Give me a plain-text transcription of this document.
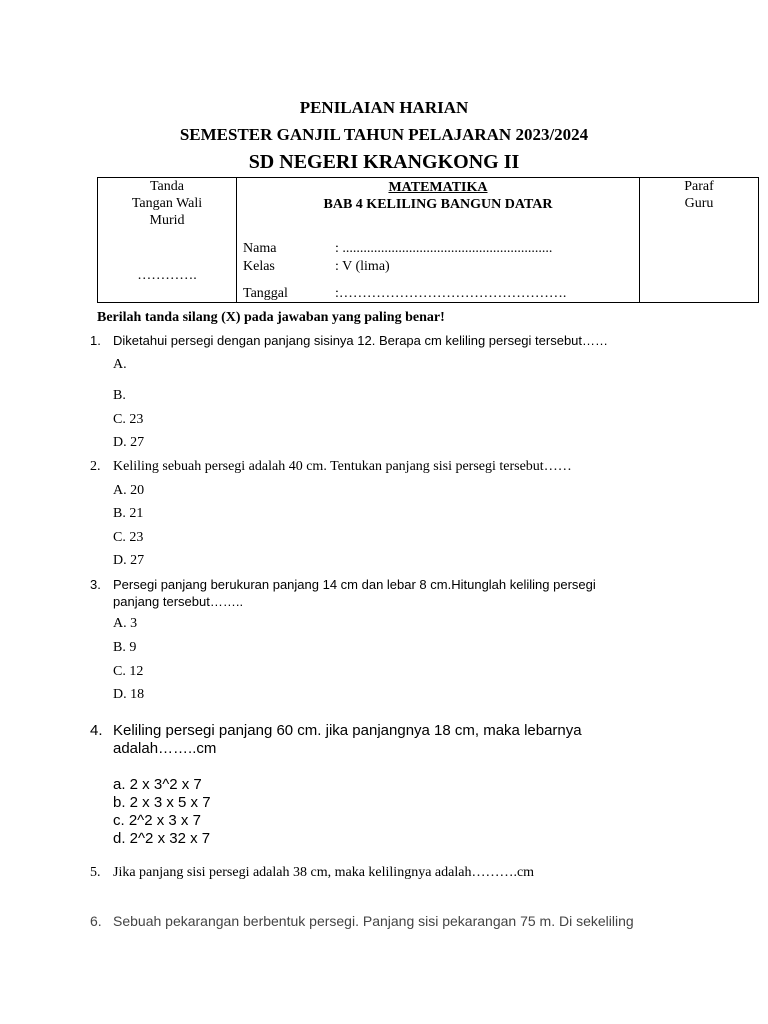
PENILAIAN HARIAN
SEMESTER GANJIL TAHUN PELAJARAN 2023/2024
SD NEGERI KRANGKONG II
Tanda
Tangan Wali
Murid
………….

MATEMATIKA
BAB 4 KELILING BANGUN DATAR
Nama	: ............................................................
Kelas	: V (lima)
Tanggal	:………………………………………….

Paraf
Guru
Berilah tanda silang (X) pada jawaban yang paling benar!
1. Diketahui persegi dengan panjang sisinya 12. Berapa cm keliling persegi tersebut……
A.
B.
C. 23
D. 27
2. Keliling sebuah persegi adalah 40 cm. Tentukan panjang sisi persegi tersebut……
A. 20
B. 21
C. 23
D. 27
3. Persegi panjang berukuran panjang 14 cm dan lebar 8 cm.Hitunglah keliling persegi
panjang tersebut……..
A. 3
B. 9
C. 12
D. 18
4. Keliling persegi panjang 60 cm. jika panjangnya 18 cm, maka lebarnya
adalah……..cm
a. 2 x 3^2 x 7
b. 2 x 3 x 5 x 7
c. 2^2 x 3 x 7
d. 2^2 x 32 x 7
5. Jika panjang sisi persegi adalah 38 cm, maka kelilingnya adalah……….cm
6. Sebuah pekarangan berbentuk persegi. Panjang sisi pekarangan 75 m. Di sekeliling
